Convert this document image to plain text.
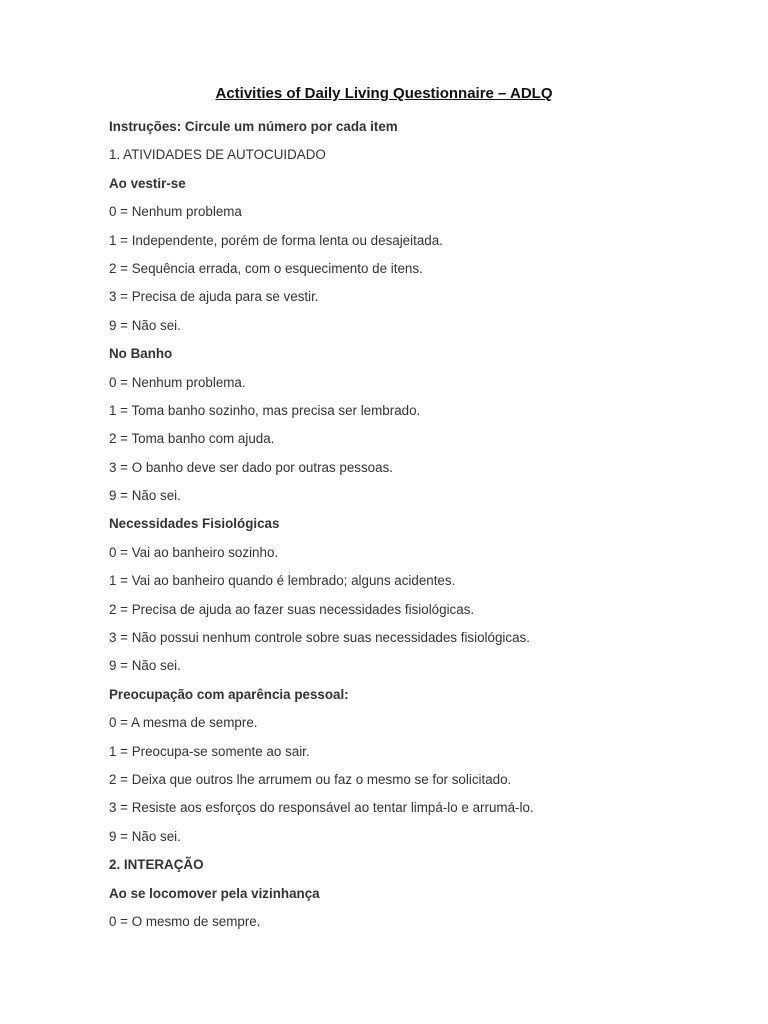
Activities of Daily Living Questionnaire – ADLQ
Instruções: Circule um número por cada item
1. ATIVIDADES DE AUTOCUIDADO
Ao vestir-se
0 = Nenhum problema
1 = Independente, porém de forma lenta ou desajeitada.
2 = Sequência errada, com o esquecimento de itens.
3 = Precisa de ajuda para se vestir.
9 = Não sei.
No Banho
0 = Nenhum problema.
1 = Toma banho sozinho, mas precisa ser lembrado.
2 = Toma banho com ajuda.
3 = O banho deve ser dado por outras pessoas.
9 = Não sei.
Necessidades Fisiológicas
0 = Vai ao banheiro sozinho.
1 = Vai ao banheiro quando é lembrado; alguns acidentes.
2 = Precisa de ajuda ao fazer suas necessidades fisiológicas.
3 = Não possui nenhum controle sobre suas necessidades fisiológicas.
9 = Não sei.
Preocupação com aparência pessoal:
0 = A mesma de sempre.
1 = Preocupa-se somente ao sair.
2 = Deixa que outros lhe arrumem ou faz o mesmo se for solicitado.
3 = Resiste aos esforços do responsável ao tentar limpá-lo e arrumá-lo.
9 = Não sei.
2. INTERAÇÃO
Ao se locomover pela vizinhança
0 = O mesmo de sempre.
